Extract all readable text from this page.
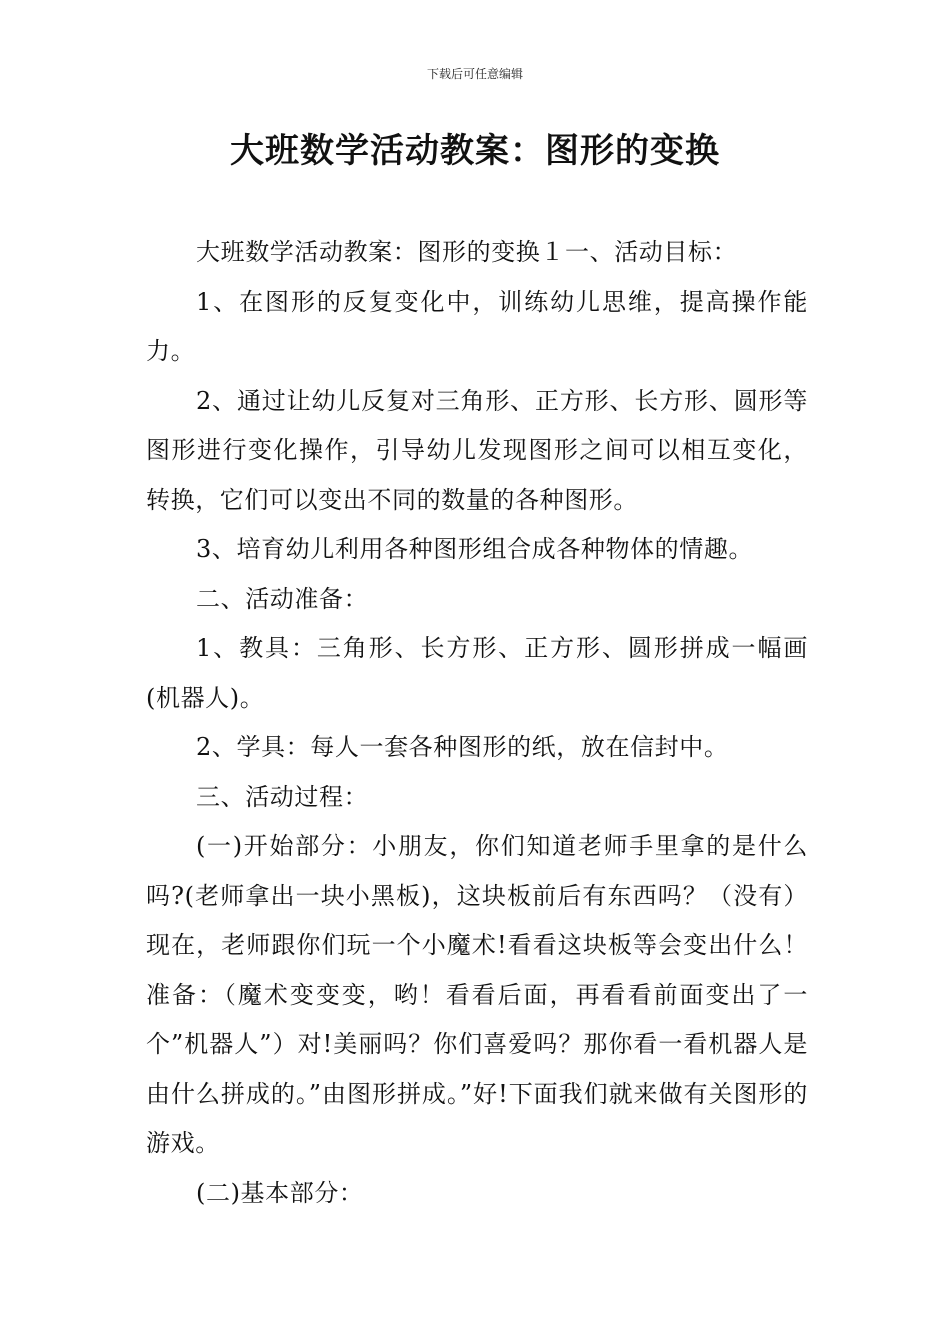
下载后可任意编辑
大班数学活动教案：图形的变换

大班数学活动教案：图形的变换１一、活动目标：

1、在图形的反复变化中，训练幼儿思维，提高操作能力。

2、通过让幼儿反复对三角形、正方形、长方形、圆形等图形进行变化操作，引导幼儿发现图形之间可以相互变化，转换，它们可以变出不同的数量的各种图形。

3、培育幼儿利用各种图形组合成各种物体的情趣。

二、活动准备：

1、教具：三角形、长方形、正方形、圆形拼成一幅画(机器人)。

2、学具：每人一套各种图形的纸，放在信封中。

三、活动过程：

(一)开始部分：小朋友，你们知道老师手里拿的是什么吗?(老师拿出一块小黑板)，这块板前后有东西吗？（没有）现在，老师跟你们玩一个小魔术!看看这块板等会变出什么！准备：（魔术变变变，哟！看看后面，再看看前面变出了一个”机器人”）对!美丽吗？你们喜爱吗？那你看一看机器人是由什么拼成的。”由图形拼成。”好!下面我们就来做有关图形的游戏。

(二)基本部分：
